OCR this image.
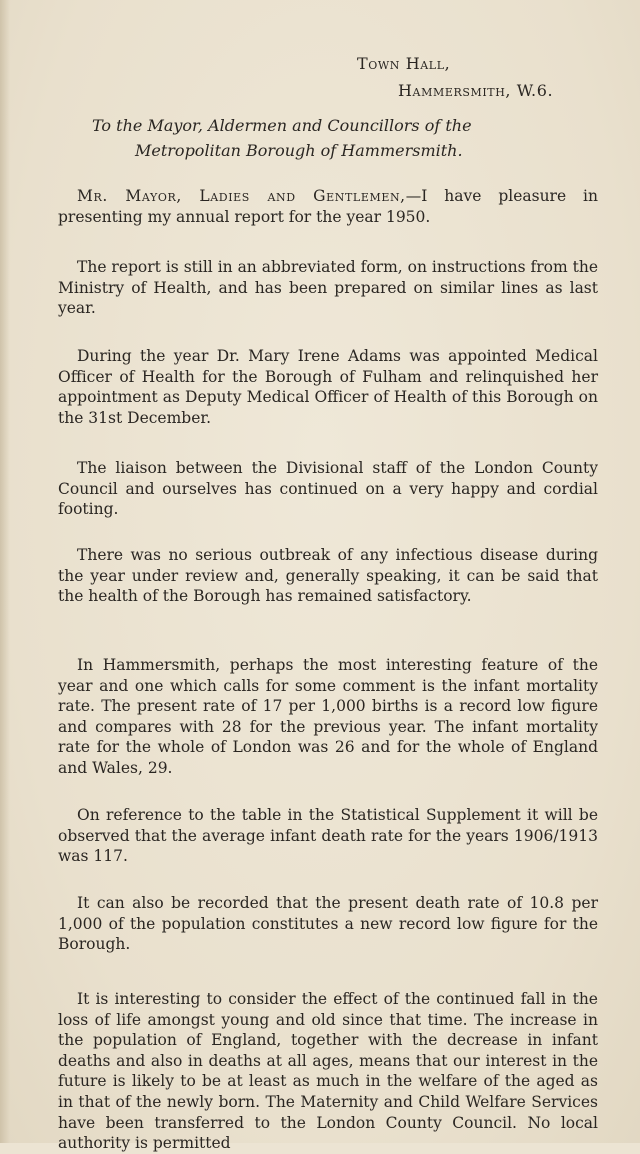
Town Hall,
Hammersmith, W.6.
To the Mayor, Aldermen and Councillors of the
Metropolitan Borough of Hammersmith.

Mr. Mayor, Ladies and Gentlemen,—I have pleasure in presenting my annual report for the year 1950.

The report is still in an abbreviated form, on instructions from the Ministry of Health, and has been prepared on similar lines as last year.

During the year Dr. Mary Irene Adams was appointed Medical Officer of Health for the Borough of Fulham and relinquished her appointment as Deputy Medical Officer of Health of this Borough on the 31st December.

The liaison between the Divisional staff of the London County Council and ourselves has continued on a very happy and cordial footing.

There was no serious outbreak of any infectious disease during the year under review and, generally speaking, it can be said that the health of the Borough has remained satisfactory.

In Hammersmith, perhaps the most interesting feature of the year and one which calls for some comment is the infant mortality rate. The present rate of 17 per 1,000 births is a record low figure and compares with 28 for the previous year. The infant mortality rate for the whole of London was 26 and for the whole of England and Wales, 29.

On reference to the table in the Statistical Supplement it will be observed that the average infant death rate for the years 1906/1913 was 117.

It can also be recorded that the present death rate of 10.8 per 1,000 of the population constitutes a new record low figure for the Borough.

It is interesting to consider the effect of the continued fall in the loss of life amongst young and old since that time. The increase in the population of England, together with the decrease in infant deaths and also in deaths at all ages, means that our interest in the future is likely to be at least as much in the welfare of the aged as in that of the newly born. The Maternity and Child Welfare Services have been transferred to the London County Council. No local authority is permitted
